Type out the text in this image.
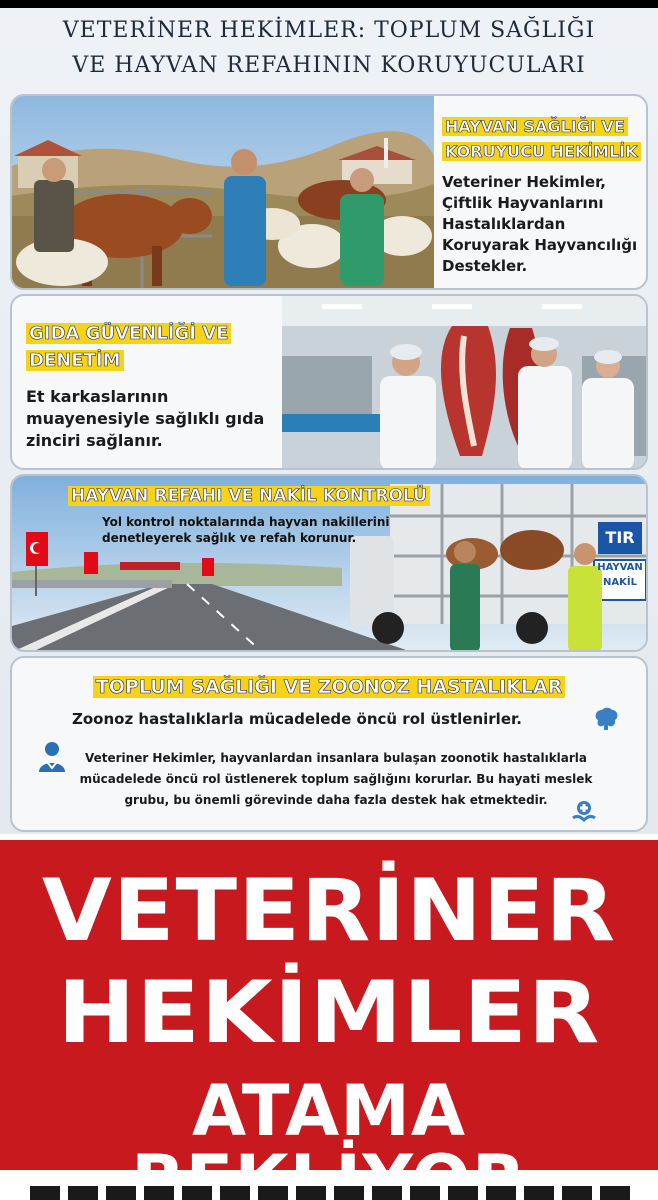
VETERİNER HEKİMLER: TOPLUM SAĞLIĞI
VE HAYVAN REFAHININ KORUYUCULARI
HAYVAN SAĞLIĞI VE KORUYUCU HEKİMLİK
Veteriner Hekimler, Çiftlik Hayvanlarını Hastalıklardan Koruyarak Hayvancılığı Destekler.
GIDA GÜVENLİĞİ VE DENETİM
Et karkaslarının muayenesiyle sağlıklı gıda zinciri sağlanır.
HAYVAN REFAHI VE NAKİL KONTROLÜ
Yol kontrol noktalarında hayvan nakillerini denetleyerek sağlık ve refah korunur.	TIR
HAYVAN
NAKİL
TOPLUM SAĞLIĞI VE ZOONOZ HASTALIKLAR
Zoonoz hastalıklarla mücadelede öncü rol üstlenirler.
Veteriner Hekimler, hayvanlardan insanlara bulaşan zoonotik hastalıklarla mücadelede öncü rol üstlenerek toplum sağlığını korurlar. Bu hayati meslek grubu, bu önemli görevinde daha fazla destek hak etmektedir.
VETERİNER
HEKİMLER
ATAMA
